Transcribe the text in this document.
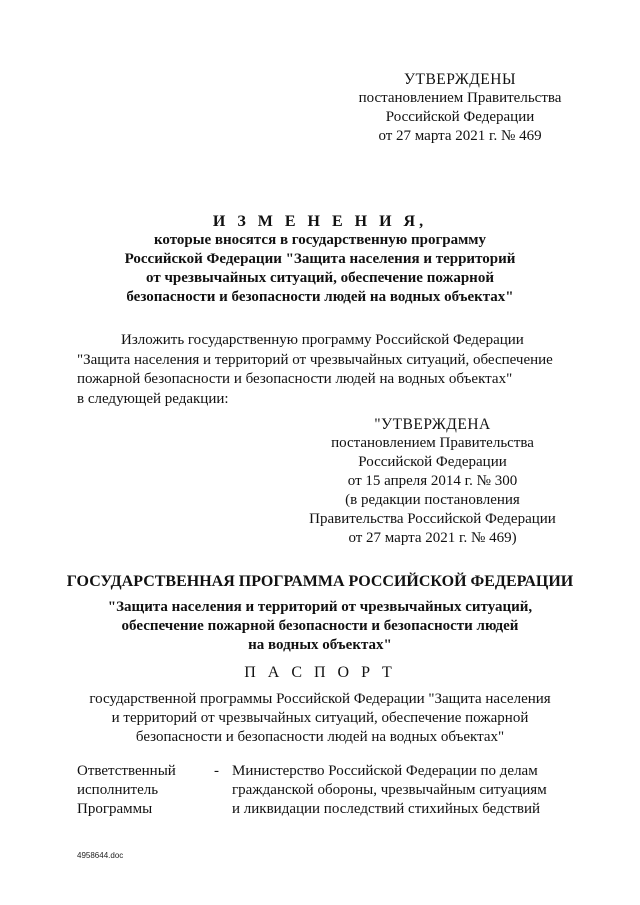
УТВЕРЖДЕНЫ
постановлением Правительства
Российской Федерации
от 27 марта 2021 г. № 469
И З М Е Н Е Н И Я,
которые вносятся в государственную программу
Российской Федерации "Защита населения и территорий
от чрезвычайных ситуаций, обеспечение пожарной
безопасности и безопасности людей на водных объектах"
Изложить государственную программу Российской Федерации
"Защита населения и территорий от чрезвычайных ситуаций, обеспечение
пожарной безопасности и безопасности людей на водных объектах"
в следующей редакции:
"УТВЕРЖДЕНА
постановлением Правительства
Российской Федерации
от 15 апреля 2014 г. № 300
(в редакции постановления
Правительства Российской Федерации
от 27 марта 2021 г. № 469)
ГОСУДАРСТВЕННАЯ ПРОГРАММА РОССИЙСКОЙ ФЕДЕРАЦИИ
"Защита населения и территорий от чрезвычайных ситуаций,
обеспечение пожарной безопасности и безопасности людей
на водных объектах"
П А С П О Р Т
государственной программы Российской Федерации "Защита населения
и территорий от чрезвычайных ситуаций, обеспечение пожарной
безопасности и безопасности людей на водных объектах"
Ответственный
исполнитель
Программы
- Министерство Российской Федерации по делам
гражданской обороны, чрезвычайным ситуациям
и ликвидации последствий стихийных бедствий
4958644.doc
